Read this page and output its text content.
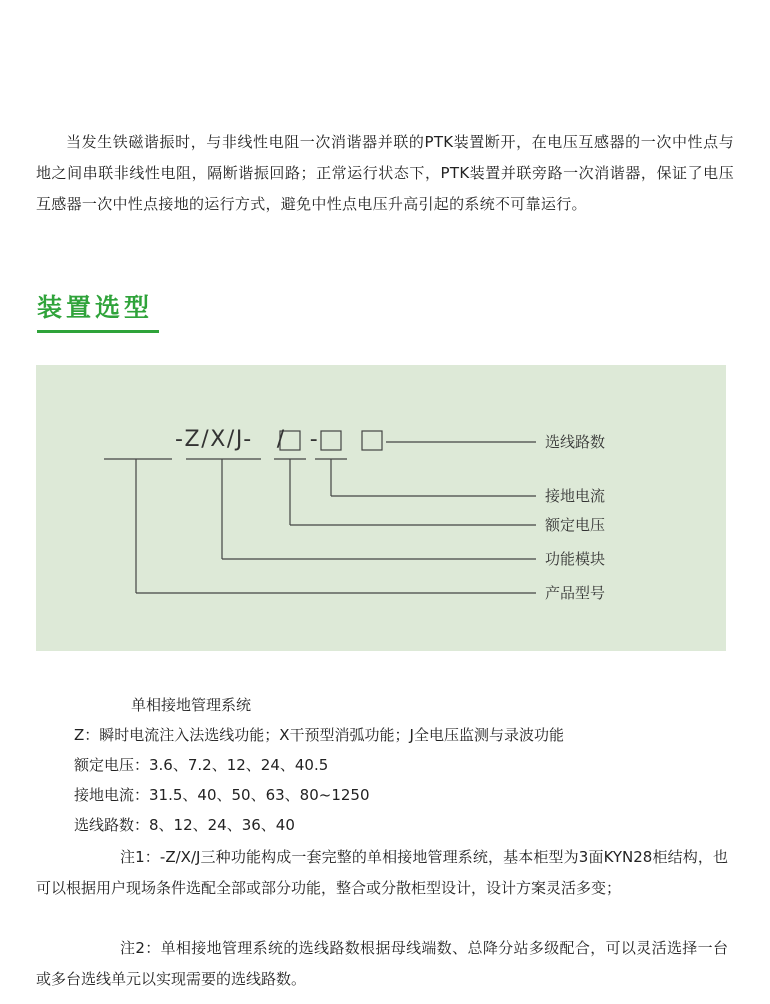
当发生铁磁谐振时，与非线性电阻一次消谐器并联的PTK装置断开，在电压互感器的一次中性点与地之间串联非线性电阻，隔断谐振回路；正常运行状态下，PTK装置并联旁路一次消谐器，保证了电压互感器一次中性点接地的运行方式，避免中性点电压升高引起的系统不可靠运行。

装置选型
-Z/X/J- / -	选线路数
接地电流
额定电压
功能模块
产品型号
单相接地管理系统
Z：瞬时电流注入法选线功能；X干预型消弧功能；J全电压监测与录波功能
额定电压：3.6、7.2、12、24、40.5
接地电流：31.5、40、50、63、80~1250
选线路数：8、12、24、36、40

注1：-Z/X/J三种功能构成一套完整的单相接地管理系统，基本柜型为3面KYN28柜结构，也可以根据用户现场条件选配全部或部分功能，整合或分散柜型设计，设计方案灵活多变；

注2：单相接地管理系统的选线路数根据母线端数、总降分站多级配合，可以灵活选择一台或多台选线单元以实现需要的选线路数。
